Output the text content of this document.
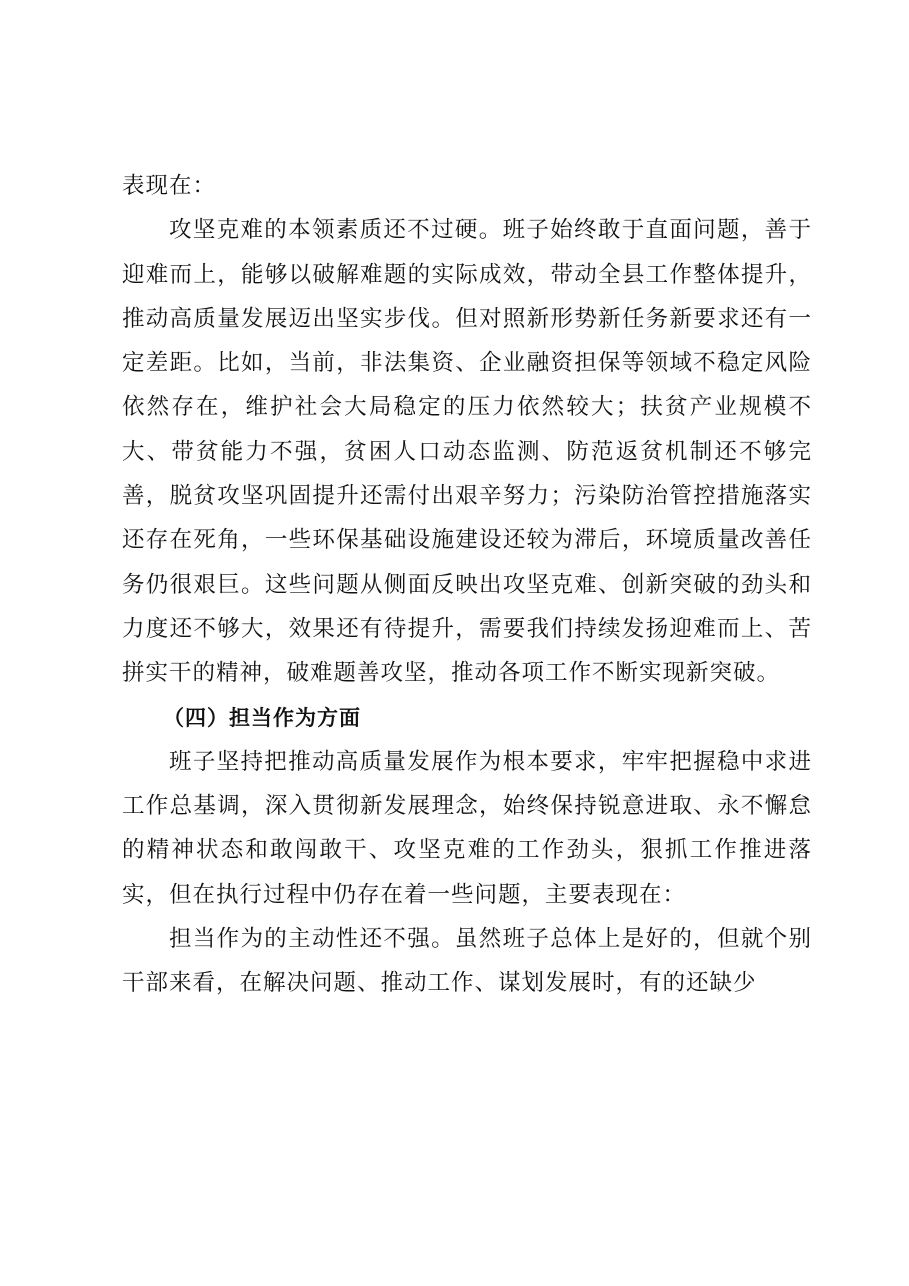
表现在：

攻坚克难的本领素质还不过硬。班子始终敢于直面问题，善于迎难而上，能够以破解难题的实际成效，带动全县工作整体提升，推动高质量发展迈出坚实步伐。但对照新形势新任务新要求还有一定差距。比如，当前，非法集资、企业融资担保等领域不稳定风险依然存在，维护社会大局稳定的压力依然较大；扶贫产业规模不大、带贫能力不强，贫困人口动态监测、防范返贫机制还不够完善，脱贫攻坚巩固提升还需付出艰辛努力；污染防治管控措施落实还存在死角，一些环保基础设施建设还较为滞后，环境质量改善任务仍很艰巨。这些问题从侧面反映出攻坚克难、创新突破的劲头和力度还不够大，效果还有待提升，需要我们持续发扬迎难而上、苦拼实干的精神，破难题善攻坚，推动各项工作不断实现新突破。

（四）担当作为方面

班子坚持把推动高质量发展作为根本要求，牢牢把握稳中求进工作总基调，深入贯彻新发展理念，始终保持锐意进取、永不懈怠的精神状态和敢闯敢干、攻坚克难的工作劲头，狠抓工作推进落实，但在执行过程中仍存在着一些问题，主要表现在：

担当作为的主动性还不强。虽然班子总体上是好的，但就个别干部来看，在解决问题、推动工作、谋划发展时，有的还缺少
